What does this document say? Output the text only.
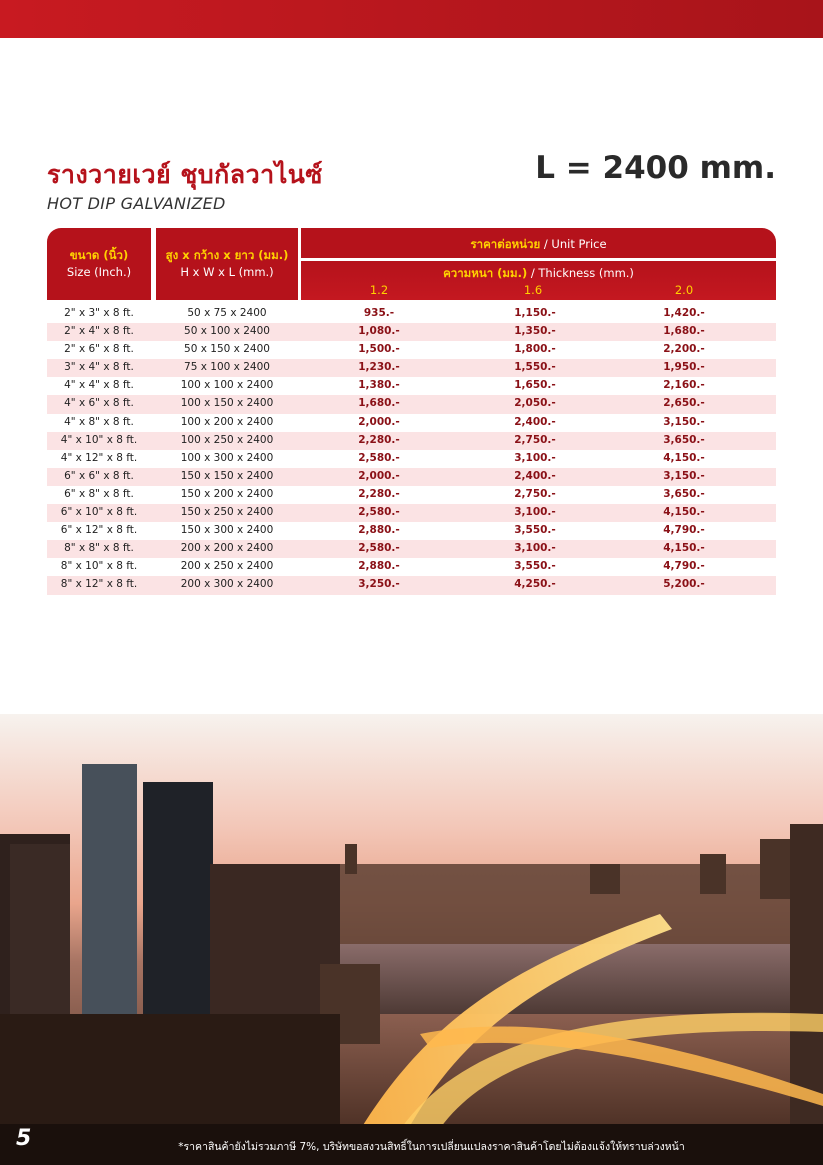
รางวายเวย์ ชุบกัลวาไนซ์
HOT DIP GALVANIZED
L = 2400 mm.
ขนาด (นิ้ว)
Size (Inch.)
สูง x กว้าง x ยาว (มม.)
H x W x L (mm.)
ราคาต่อหน่วย / Unit Price
ความหนา (มม.) / Thickness (mm.)
1.2	1.6	2.0
2" x 3" x 8 ft.	50 x 75 x 2400	935.-	1,150.-	1,420.-
2" x 4" x 8 ft.	50 x 100 x 2400	1,080.-	1,350.-	1,680.-
2" x 6" x 8 ft.	50 x 150 x 2400	1,500.-	1,800.-	2,200.-
3" x 4" x 8 ft.	75 x 100 x 2400	1,230.-	1,550.-	1,950.-
4" x 4" x 8 ft.	100 x 100 x 2400	1,380.-	1,650.-	2,160.-
4" x 6" x 8 ft.	100 x 150 x 2400	1,680.-	2,050.-	2,650.-
4" x 8" x 8 ft.	100 x 200 x 2400	2,000.-	2,400.-	3,150.-
4" x 10" x 8 ft.	100 x 250 x 2400	2,280.-	2,750.-	3,650.-
4" x 12" x 8 ft.	100 x 300 x 2400	2,580.-	3,100.-	4,150.-
6" x 6" x 8 ft.	150 x 150 x 2400	2,000.-	2,400.-	3,150.-
6" x 8" x 8 ft.	150 x 200 x 2400	2,280.-	2,750.-	3,650.-
6" x 10" x 8 ft.	150 x 250 x 2400	2,580.-	3,100.-	4,150.-
6" x 12" x 8 ft.	150 x 300 x 2400	2,880.-	3,550.-	4,790.-
8" x 8" x 8 ft.	200 x 200 x 2400	2,580.-	3,100.-	4,150.-
8" x 10" x 8 ft.	200 x 250 x 2400	2,880.-	3,550.-	4,790.-
8" x 12" x 8 ft.	200 x 300 x 2400	3,250.-	4,250.-	5,200.-
5	*ราคาสินค้ายังไม่รวมภาษี 7%, บริษัทขอสงวนสิทธิ์ในการเปลี่ยนแปลงราคาสินค้าโดยไม่ต้องแจ้งให้ทราบล่วงหน้า
